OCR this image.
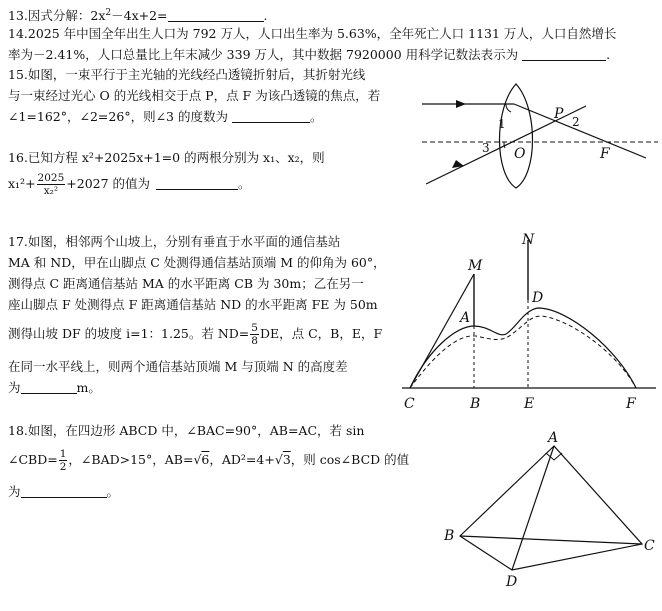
13.因式分解：$2x^2-4x+2=$	.
14.2025 年中国全年出生人口为 792 万人，人口出生率为 5.63%，全年死亡人口 1131 万人，人口自然增长
率为－2.41%，人口总量比上年末减少 339 万人，其中数据 7920000 用科学记数法表示为	.
15.如图，一束平行于主光轴的光线经凸透镜折射后，其折射光线
与一束经过光心 O 的光线相交于点 P，点 F 为该凸透镜的焦点，若
∠1=162°，∠2=26°，则∠3 的度数为	。
16.已知方程 x²+2025x+1=0 的两根分别为 x₁、x₂，则
$x_1^2+ \frac{2025}{\text{x₂²}} +2027$ 的值为	。
17.如图，相邻两个山坡上，分别有垂直于水平面的通信基站
MA 和 ND，甲在山脚点 C 处测得通信基站顶端 M 的仰角为 60°，
测得点 C 距离通信基站 MA 的水平距离 CB 为 30m；乙在另一
座山脚点 F 处测得点 F 距离通信基站 ND 的水平距离 FE 为 50m
测得山坡 DF 的坡度 i=1：1.25。若 $ND= \frac{5}{8}$ DE，点 C，B，E，F
在同一水平线上，则两个通信基站顶端 M 与顶端 N 的高度差
为	m。
18.如图，在四边形 ABCD 中，∠BAC=90°，AB=AC，若 sin
∠CBD= $\frac{1}{2}$ ，∠BAD>15°，AB=√6，AD²=4+√3，则 cos∠BCD 的值
为	。
1	2
3
P
O	F
M
N
A
D
C	B	E	F
A
B
C
D
